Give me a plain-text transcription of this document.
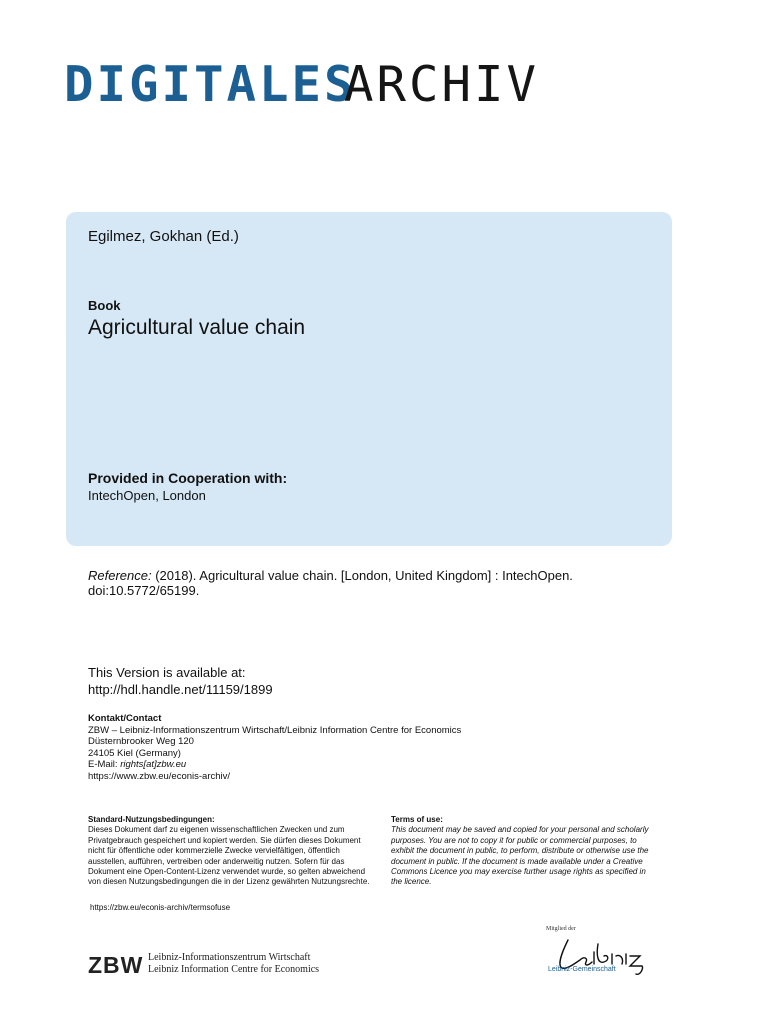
DIGITALES
ARCHIV
Egilmez, Gokhan (Ed.)
Book
Agricultural value chain
Provided in Cooperation with:
IntechOpen, London
Reference: (2018). Agricultural value chain. [London, United Kingdom] : IntechOpen. doi:10.5772/65199.
This Version is available at:
http://hdl.handle.net/11159/1899
Kontakt/Contact
ZBW – Leibniz-Informationszentrum Wirtschaft/Leibniz Information Centre for Economics
Düsternbrooker Weg 120
24105 Kiel (Germany)
E-Mail: rights[at]zbw.eu
https://www.zbw.eu/econis-archiv/
Standard-Nutzungsbedingungen:
Dieses Dokument darf zu eigenen wissenschaftlichen Zwecken und zum Privatgebrauch gespeichert und kopiert werden. Sie dürfen dieses Dokument nicht für öffentliche oder kommerzielle Zwecke vervielfältigen, öffentlich ausstellen, aufführen, vertreiben oder anderweitig nutzen. Sofern für das Dokument eine Open-Content-Lizenz verwendet wurde, so gelten abweichend von diesen Nutzungsbedingungen die in der Lizenz gewährten Nutzungsrechte.
Terms of use:
This document may be saved and copied for your personal and scholarly purposes. You are not to copy it for public or commercial purposes, to exhibit the document in public, to perform, distribute or otherwise use the document in public. If the document is made available under a Creative Commons Licence you may exercise further usage rights as specified in the licence.
https://zbw.eu/econis-archiv/termsofuse
ZBW Leibniz-Informationszentrum Wirtschaft
Leibniz Information Centre for Economics
Mitglied der
Leibniz-Gemeinschaft
